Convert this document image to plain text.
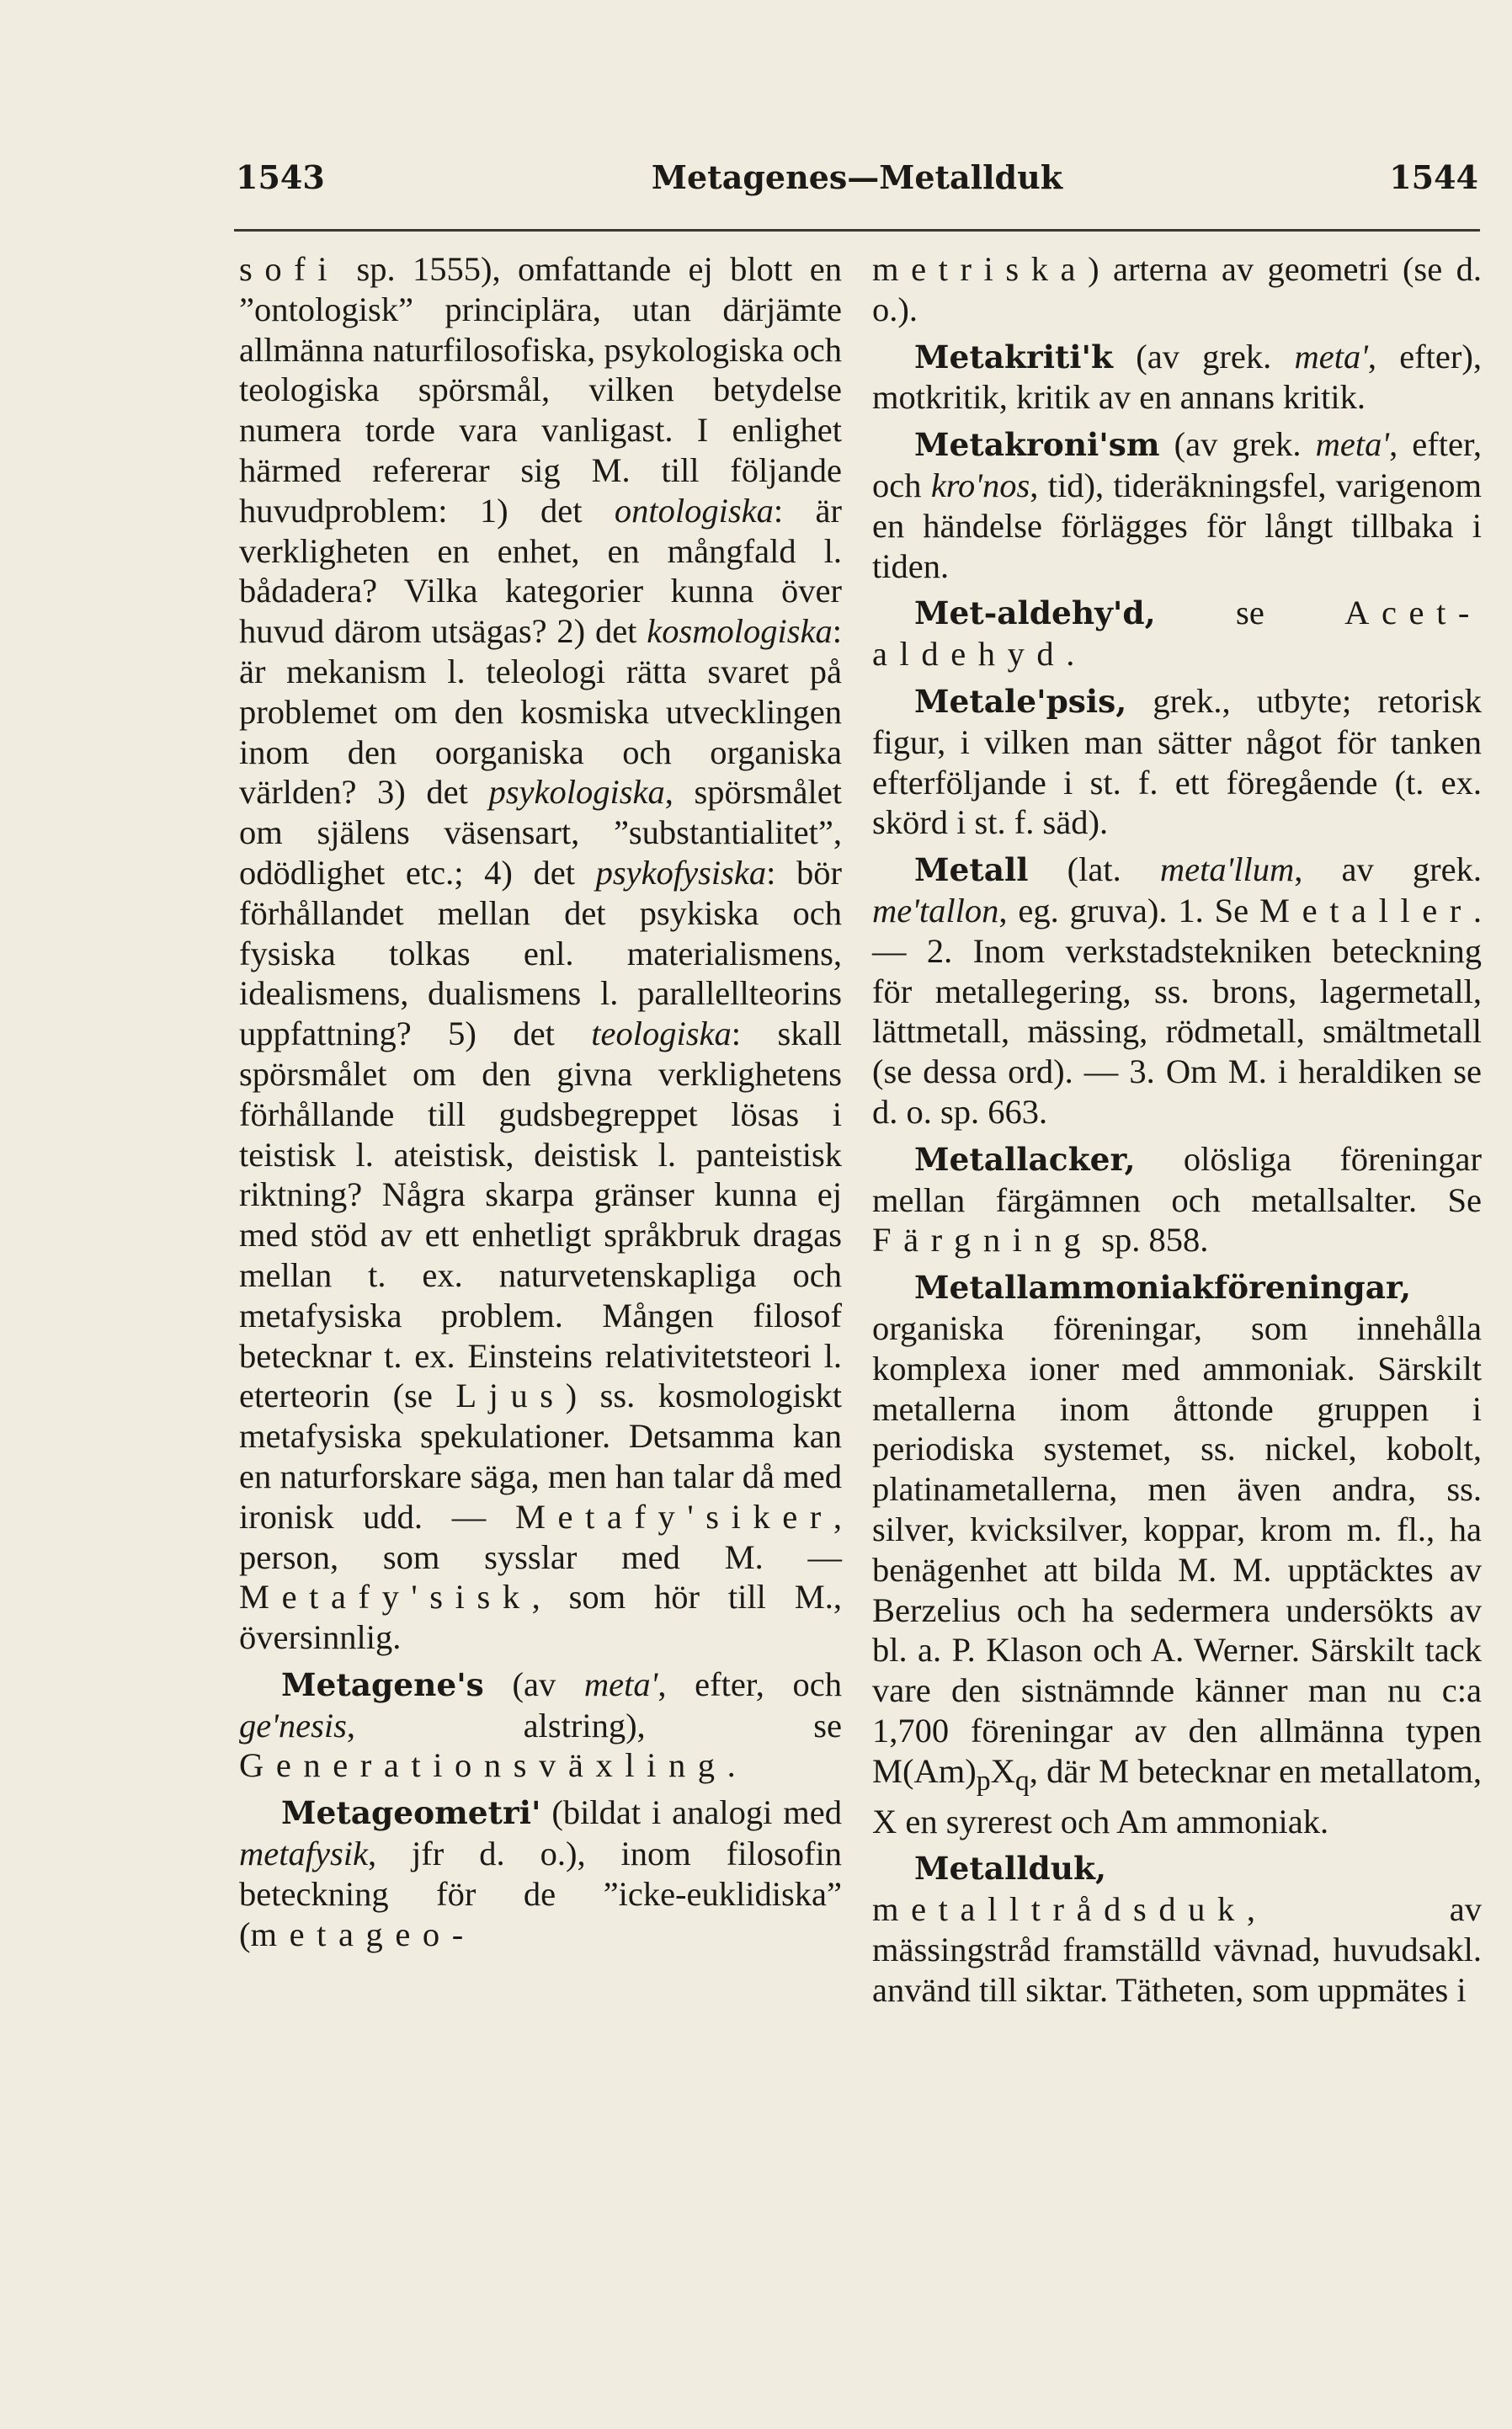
1543	Metagenes—Metallduk	1544

sofi sp. 1555), omfattande ej blott en ”ontologisk” principlära, utan därjämte allmänna naturfilosofiska, psykologiska och teologiska spörsmål, vilken betydelse numera torde vara vanligast. I enlighet härmed refererar sig M. till följande huvudproblem: 1) det ontologiska: är verkligheten en enhet, en mångfald l. bådadera? Vilka kategorier kunna över huvud därom utsägas? 2) det kosmologiska: är mekanism l. teleologi rätta svaret på problemet om den kosmiska utvecklingen inom den oorganiska och organiska världen? 3) det psykologiska, spörsmålet om själens väsensart, ”substantialitet”, odödlighet etc.; 4) det psykofysiska: bör förhållandet mellan det psykiska och fysiska tolkas enl. materialismens, idealismens, dualismens l. parallellteorins uppfattning? 5) det teologiska: skall spörsmålet om den givna verklighetens förhållande till gudsbegreppet lösas i teistisk l. ateistisk, deistisk l. panteistisk riktning? Några skarpa gränser kunna ej med stöd av ett enhetligt språkbruk dragas mellan t. ex. naturvetenskapliga och metafysiska problem. Mången filosof betecknar t. ex. Einsteins relativitetsteori l. eterteorin (se Ljus) ss. kosmologiskt metafysiska spekulationer. Detsamma kan en naturforskare säga, men han talar då med ironisk udd. — Metafy'siker, person, som sysslar med M. — Metafy'sisk, som hör till M., översinnlig.

Metagene's (av meta', efter, och ge'nesis, alstring), se Generationsväxling.

Metageometri' (bildat i analogi med metafysik, jfr d. o.), inom filosofin beteckning för de ”icke-euklidiska” (metageo-

metriska) arterna av geometri (se d. o.).

Metakriti'k (av grek. meta', efter), motkritik, kritik av en annans kritik.

Metakroni'sm (av grek. meta', efter, och kro'nos, tid), tideräkningsfel, varigenom en händelse förlägges för långt tillbaka i tiden.

Met-aldehy'd, se Acet-aldehyd.

Metale'psis, grek., utbyte; retorisk figur, i vilken man sätter något för tanken efterföljande i st. f. ett föregående (t. ex. skörd i st. f. säd).

Metall (lat. meta'llum, av grek. me'tallon, eg. gruva). 1. Se Metaller. — 2. Inom verkstadstekniken beteckning för metallegering, ss. brons, lagermetall, lättmetall, mässing, rödmetall, smältmetall (se dessa ord). — 3. Om M. i heraldiken se d. o. sp. 663.

Metallacker, olösliga föreningar mellan färgämnen och metallsalter. Se Färgning sp. 858.

Metallammoniakföreningar, organiska föreningar, som innehålla komplexa ioner med ammoniak. Särskilt metallerna inom åttonde gruppen i periodiska systemet, ss. nickel, kobolt, platinametallerna, men även andra, ss. silver, kvicksilver, koppar, krom m. fl., ha benägenhet att bilda M. M. upptäcktes av Berzelius och ha sedermera undersökts av bl. a. P. Klason och A. Werner. Särskilt tack vare den sistnämnde känner man nu c:a 1,700 föreningar av den allmänna typen $M(Am)_pX_q$, där M betecknar en metallatom, X en syrerest och Am ammoniak.

Metallduk, metalltrådsduk, av mässingstråd framställd vävnad, huvudsakl. använd till siktar. Tätheten, som uppmätes i
